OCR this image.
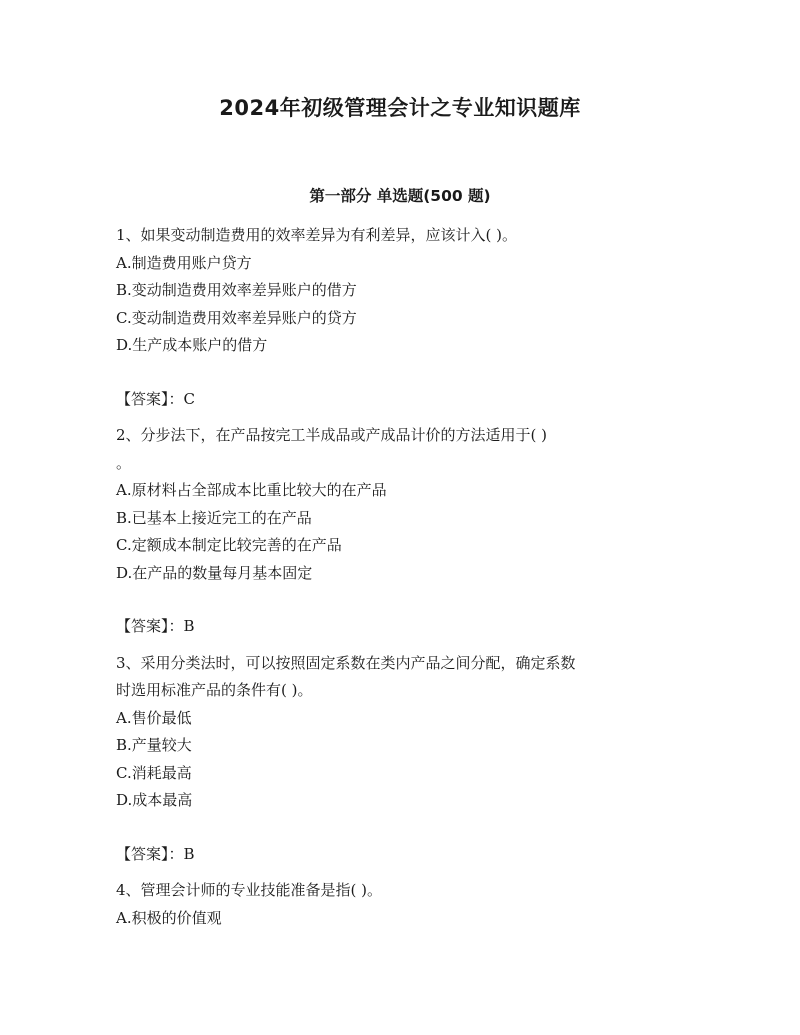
2024年初级管理会计之专业知识题库
第一部分 单选题(500 题)
1、如果变动制造费用的效率差异为有利差异，应该计入( )。
A.制造费用账户贷方
B.变动制造费用效率差异账户的借方
C.变动制造费用效率差异账户的贷方
D.生产成本账户的借方
【答案】：C
2、分步法下，在产品按完工半成品或产成品计价的方法适用于( )
。
A.原材料占全部成本比重比较大的在产品
B.已基本上接近完工的在产品
C.定额成本制定比较完善的在产品
D.在产品的数量每月基本固定
【答案】：B
3、采用分类法时，可以按照固定系数在类内产品之间分配，确定系数
时选用标准产品的条件有( )。
A.售价最低
B.产量较大
C.消耗最高
D.成本最高
【答案】：B
4、管理会计师的专业技能准备是指( )。
A.积极的价值观
